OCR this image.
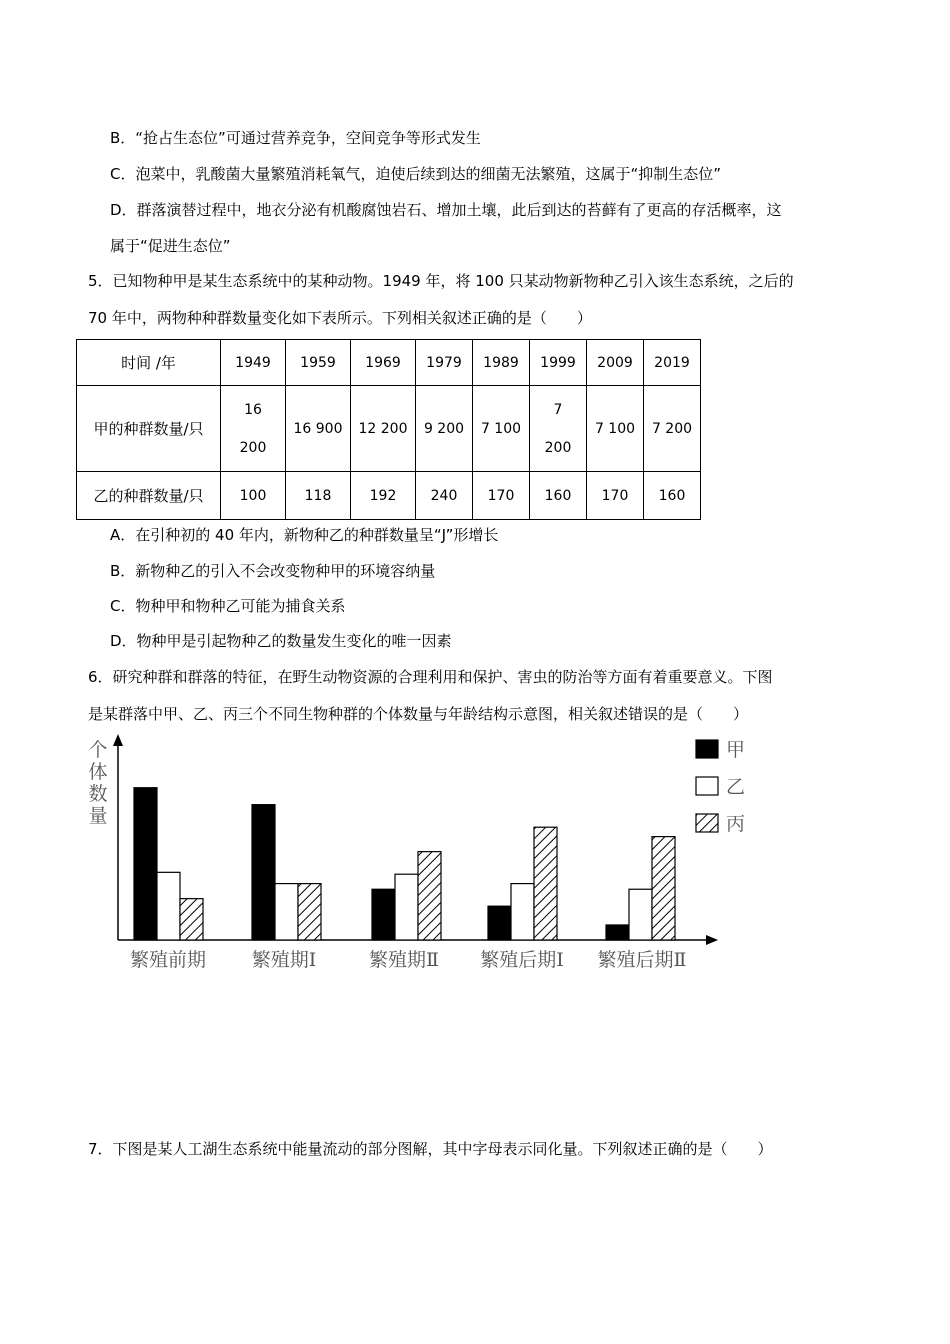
B．“抢占生态位”可通过营养竞争，空间竞争等形式发生
C．泡菜中，乳酸菌大量繁殖消耗氧气，迫使后续到达的细菌无法繁殖，这属于“抑制生态位”
D．群落演替过程中，地衣分泌有机酸腐蚀岩石、增加土壤，此后到达的苔藓有了更高的存活概率，这
属于“促进生态位”
5．已知物种甲是某生态系统中的某种动物。1949 年，将 100 只某动物新物种乙引入该生态系统，之后的
70 年中，两物种种群数量变化如下表所示。下列相关叙述正确的是（　　）
时间 /年	1949	1959	1969	1979	1989	1999	2009	2019
甲的种群数量/只	16 200	16 900	12 200	9 200	7 100	7 200	7 100	7 200
乙的种群数量/只	100	118	192	240	170	160	170	160
A．在引种初的 40 年内，新物种乙的种群数量呈“J”形增长
B．新物种乙的引入不会改变物种甲的环境容纳量
C．物种甲和物种乙可能为捕食关系
D．物种甲是引起物种乙的数量发生变化的唯一因素
6．研究种群和群落的特征，在野生动物资源的合理利用和保护、害虫的防治等方面有着重要意义。下图
是某群落中甲、乙、丙三个不同生物种群的个体数量与年龄结构示意图，相关叙述错误的是（　　）
个
体
数
量
繁殖前期 繁殖期Ⅰ	繁殖期Ⅱ 繁殖后期Ⅰ 繁殖后期Ⅱ
甲
乙
丙
7．下图是某人工湖生态系统中能量流动的部分图解，其中字母表示同化量。下列叙述正确的是（　　）
